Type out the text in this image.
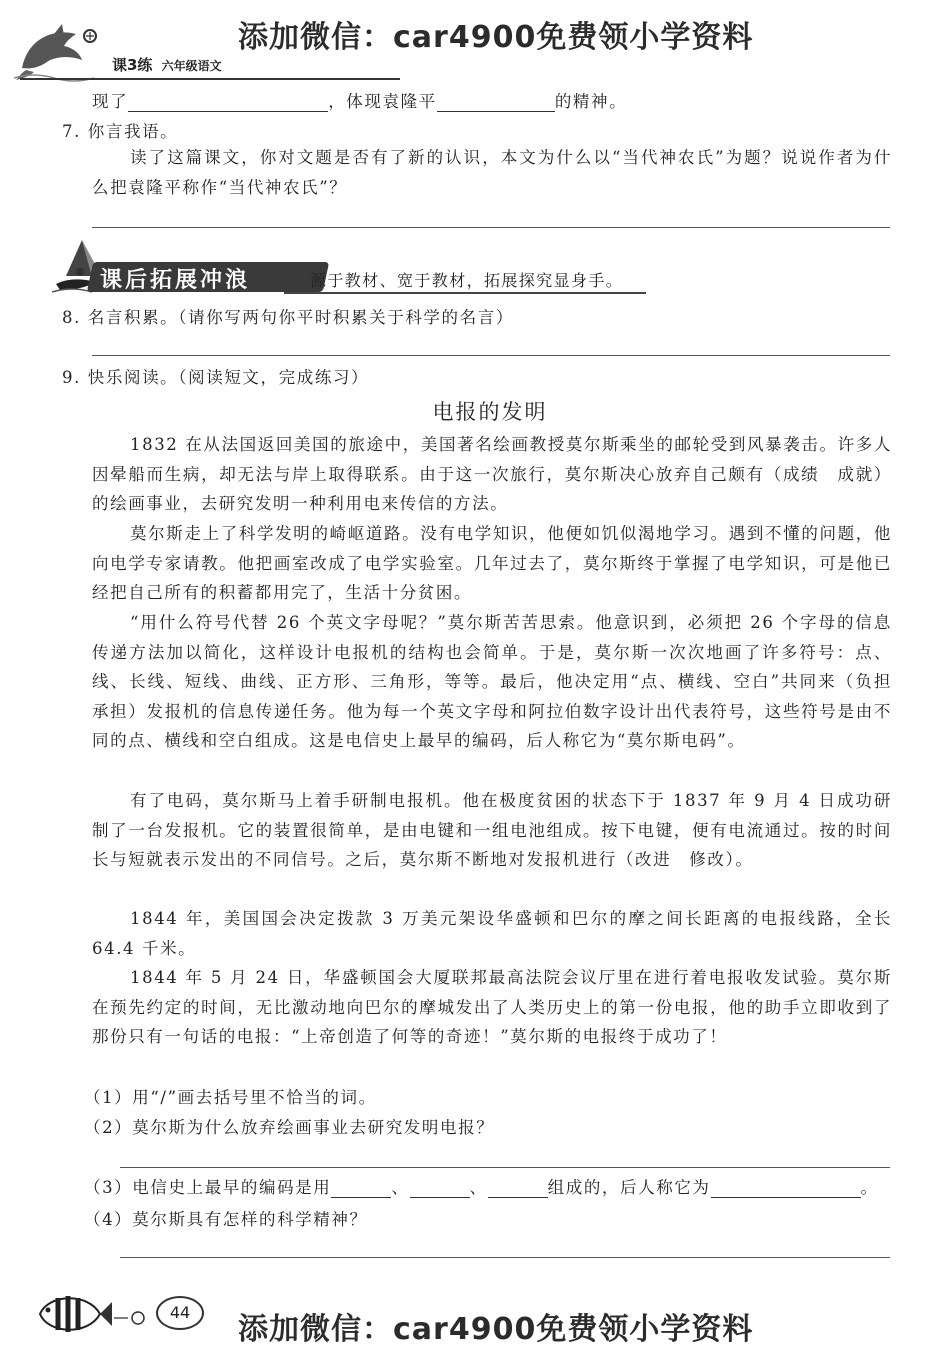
课3练 六年级语文
添加微信：car4900免费领小学资料
现了	，体现袁隆平	的精神。
7. 你言我语。
读了这篇课文，你对文题是否有了新的认识，本文为什么以“当代神农氏”为题？说说作者为什么把袁隆平称作“当代神农氏”？
课后拓展冲浪	源于教材、宽于教材，拓展探究显身手。
8. 名言积累。（请你写两句你平时积累关于科学的名言）
9. 快乐阅读。（阅读短文，完成练习）
电报的发明
1832 在从法国返回美国的旅途中，美国著名绘画教授莫尔斯乘坐的邮轮受到风暴袭击。许多人因晕船而生病，却无法与岸上取得联系。由于这一次旅行，莫尔斯决心放弃自己颇有（成绩　成就）的绘画事业，去研究发明一种利用电来传信的方法。
莫尔斯走上了科学发明的崎岖道路。没有电学知识，他便如饥似渴地学习。遇到不懂的问题，他向电学专家请教。他把画室改成了电学实验室。几年过去了，莫尔斯终于掌握了电学知识，可是他已经把自己所有的积蓄都用完了，生活十分贫困。
“用什么符号代替 26 个英文字母呢？”莫尔斯苦苦思索。他意识到，必须把 26 个字母的信息传递方法加以简化，这样设计电报机的结构也会简单。于是，莫尔斯一次次地画了许多符号：点、线、长线、短线、曲线、正方形、三角形，等等。最后，他决定用“点、横线、空白”共同来（负担　承担）发报机的信息传递任务。他为每一个英文字母和阿拉伯数字设计出代表符号，这些符号是由不同的点、横线和空白组成。这是电信史上最早的编码，后人称它为“莫尔斯电码”。
有了电码，莫尔斯马上着手研制电报机。他在极度贫困的状态下于 1837 年 9 月 4 日成功研制了一台发报机。它的装置很简单，是由电键和一组电池组成。按下电键，便有电流通过。按的时间长与短就表示发出的不同信号。之后，莫尔斯不断地对发报机进行（改进　修改）。
1844 年，美国国会决定拨款 3 万美元架设华盛顿和巴尔的摩之间长距离的电报线路，全长 64.4 千米。
1844 年 5 月 24 日，华盛顿国会大厦联邦最高法院会议厅里在进行着电报收发试验。莫尔斯在预先约定的时间，无比激动地向巴尔的摩城发出了人类历史上的第一份电报，他的助手立即收到了那份只有一句话的电报：“上帝创造了何等的奇迹！”莫尔斯的电报终于成功了！
（1）用“/”画去括号里不恰当的词。
（2）莫尔斯为什么放弃绘画事业去研究发明电报？
（3）电信史上最早的编码是用	、	、	组成的，后人称它为	。
（4）莫尔斯具有怎样的科学精神？
44	添加微信：car4900免费领小学资料
